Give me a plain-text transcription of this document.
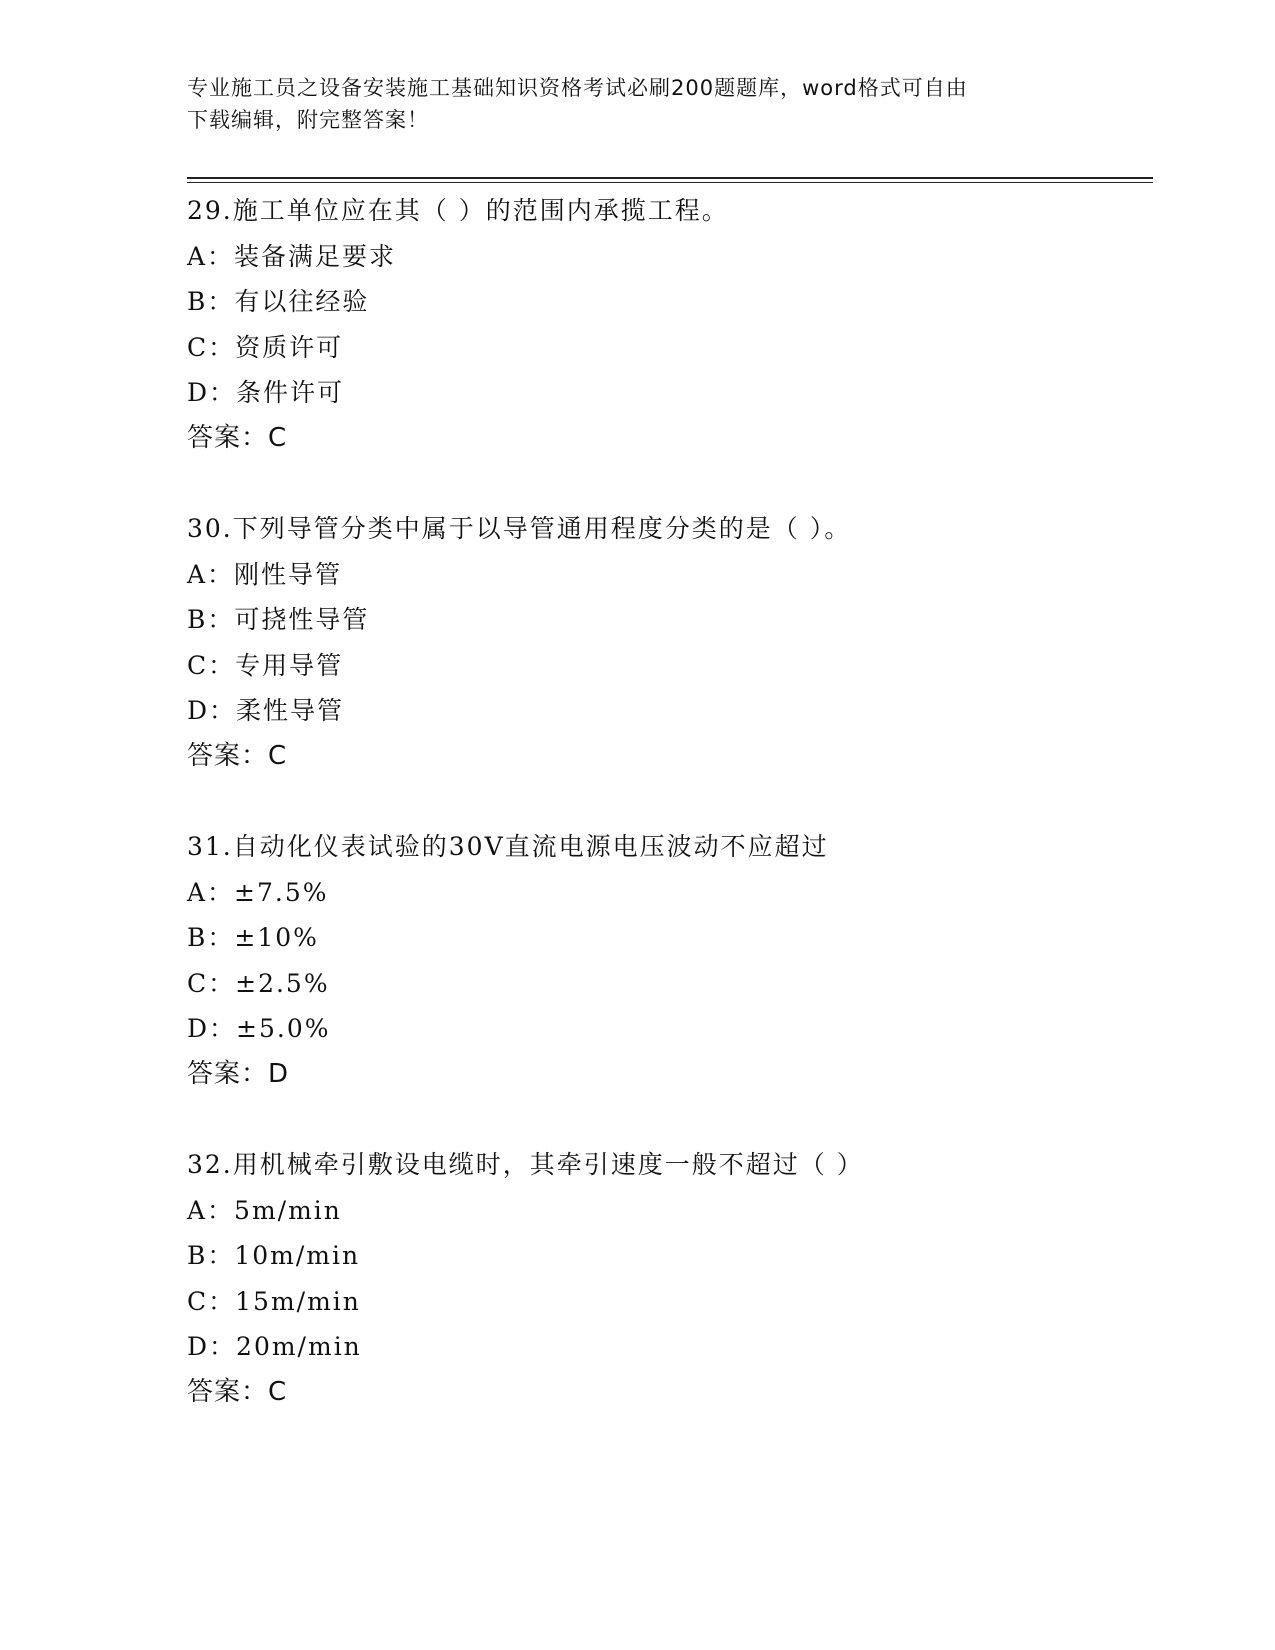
专业施工员之设备安装施工基础知识资格考试必刷200题题库，word格式可自由
下载编辑，附完整答案！
29.施工单位应在其（ ）的范围内承揽工程。
A：装备满足要求
B：有以往经验
C：资质许可
D：条件许可
答案：C
30.下列导管分类中属于以导管通用程度分类的是（ ）。
A：刚性导管
B：可挠性导管
C：专用导管
D：柔性导管
答案：C
31.自动化仪表试验的30V直流电源电压波动不应超过
A：±7.5%
B：±10%
C：±2.5%
D：±5.0%
答案：D
32.用机械牵引敷设电缆时，其牵引速度一般不超过（ ）
A：5m/min
B：10m/min
C：15m/min
D：20m/min
答案：C
